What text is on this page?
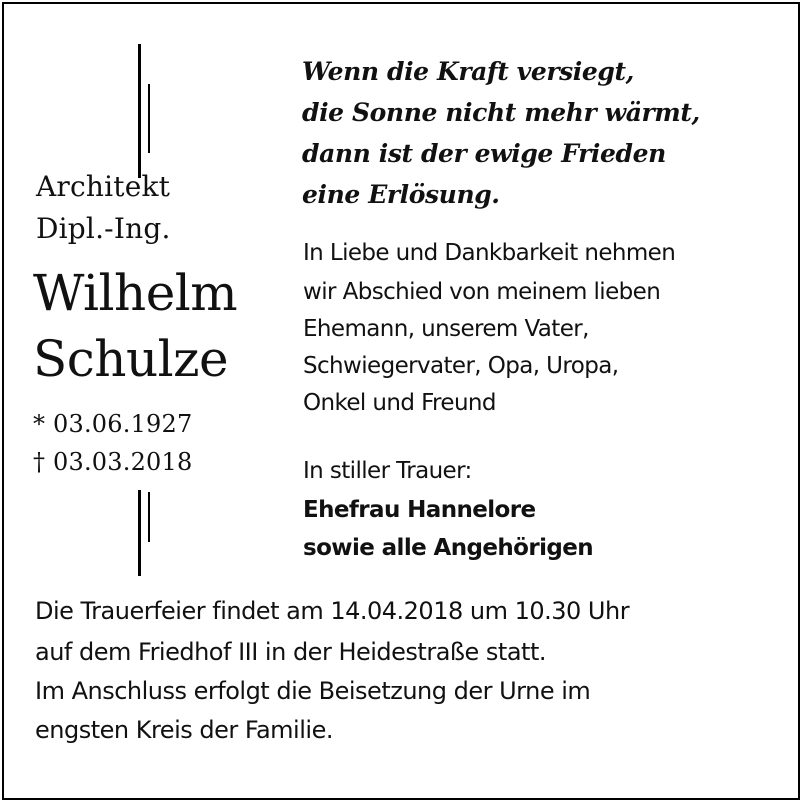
Architekt
Dipl.-Ing.
Wilhelm
Schulze
* 03.06.1927
† 03.03.2018
Wenn die Kraft versiegt,
die Sonne nicht mehr wärmt,
dann ist der ewige Frieden
eine Erlösung.
In Liebe und Dankbarkeit nehmen
wir Abschied von meinem lieben
Ehemann, unserem Vater,
Schwiegervater, Opa, Uropa,
Onkel und Freund
In stiller Trauer:
Ehefrau Hannelore
sowie alle Angehörigen
Die Trauerfeier findet am 14.04.2018 um 10.30 Uhr
auf dem Friedhof III in der Heidestraße statt.
Im Anschluss erfolgt die Beisetzung der Urne im
engsten Kreis der Familie.
